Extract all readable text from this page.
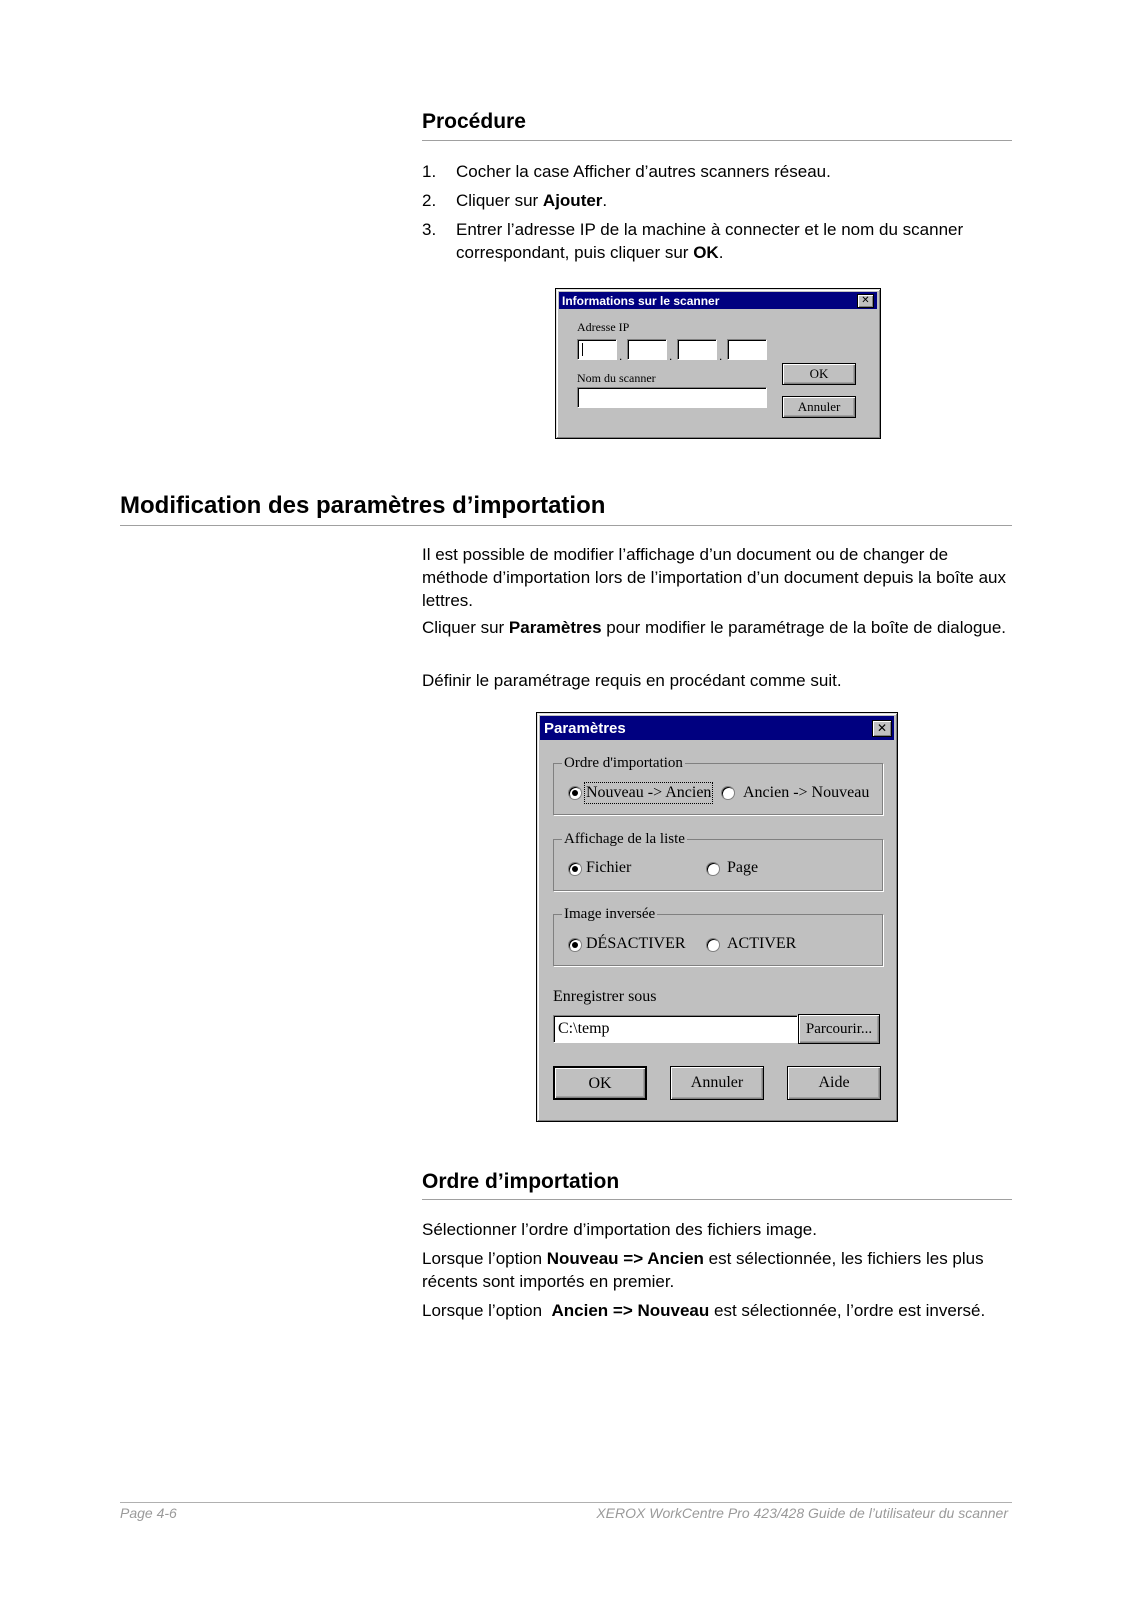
Procédure
1. Cocher la case Afficher d’autres scanners réseau.
2. Cliquer sur Ajouter.
3. Entrer l’adresse IP de la machine à connecter et le nom du scanner
correspondant, puis cliquer sur OK.
Informations sur le scanner	✕
Adresse IP
.	.	.
Nom du scanner	OK
Annuler
Modification des paramètres d’importation
Il est possible de modifier l’affichage d’un document ou de changer de méthode d’importation lors de l’importation d’un document depuis la boîte aux lettres.
Cliquer sur Paramètres pour modifier le paramétrage de la boîte de dialogue.
Définir le paramétrage requis en procédant comme suit.
Paramètres	✕
Ordre d'importation
Nouveau -> Ancien Ancien -> Nouveau
Affichage de la liste
Fichier	Page
Image inversée
DÉSACTIVER	ACTIVER
Enregistrer sous
C:\temp	Parcourir...
OK	Annuler	Aide
Ordre d’importation
Sélectionner l’ordre d’importation des fichiers image.
Lorsque l’option Nouveau => Ancien est sélectionnée, les fichiers les plus récents sont importés en premier.
Lorsque l’option  Ancien => Nouveau est sélectionnée, l’ordre est inversé.
Page 4-6	XEROX WorkCentre Pro 423/428 Guide de l’utilisateur du scanner
